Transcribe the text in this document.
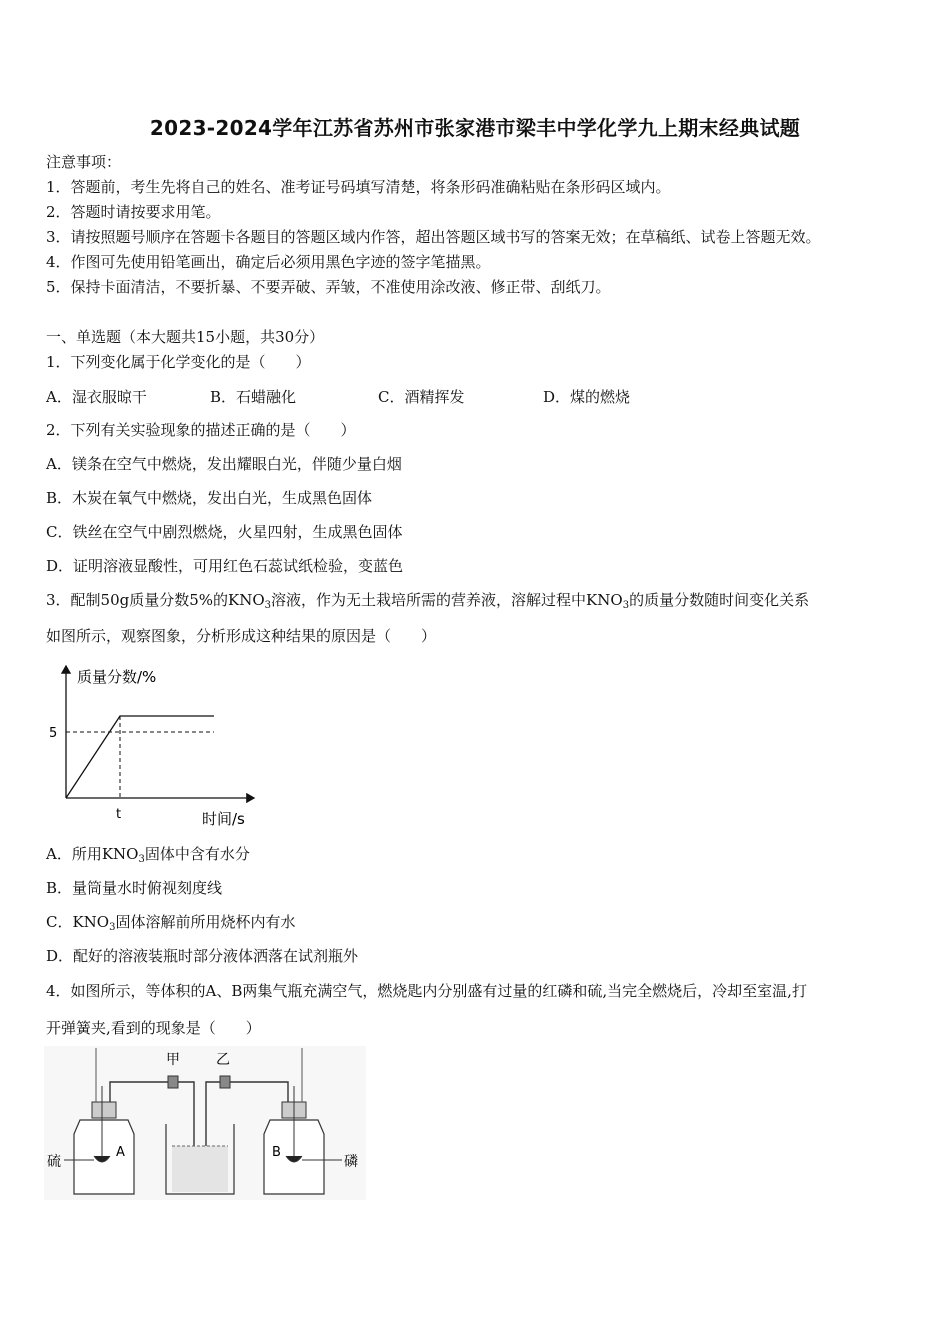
2023-2024学年江苏省苏州市张家港市梁丰中学化学九上期末经典试题
注意事项：
1．答题前，考生先将自己的姓名、准考证号码填写清楚，将条形码准确粘贴在条形码区域内。
2．答题时请按要求用笔。
3．请按照题号顺序在答题卡各题目的答题区域内作答，超出答题区域书写的答案无效；在草稿纸、试卷上答题无效。
4．作图可先使用铅笔画出，确定后必须用黑色字迹的签字笔描黑。
5．保持卡面清洁，不要折暴、不要弄破、弄皱，不准使用涂改液、修正带、刮纸刀。
一、单选题（本大题共15小题，共30分）
1．下列变化属于化学变化的是（　　）
A．湿衣服晾干	B．石蜡融化	C．酒精挥发	D．煤的燃烧
2．下列有关实验现象的描述正确的是（　　）
A．镁条在空气中燃烧，发出耀眼白光，伴随少量白烟
B．木炭在氧气中燃烧，发出白光，生成黑色固体
C．铁丝在空气中剧烈燃烧，火星四射，生成黑色固体
D．证明溶液显酸性，可用红色石蕊试纸检验，变蓝色
3．配制50g质量分数5%的$KNO_3$溶液，作为无土栽培所需的营养液，溶解过程中$KNO_3$的质量分数随时间变化关系
如图所示，观察图象，分析形成这种结果的原因是（　　）
质量分数/%
5
t	时间/s
A．所用$KNO_3$固体中含有水分
B．量筒量水时俯视刻度线
C．$KNO_3$固体溶解前所用烧杯内有水
D．配好的溶液装瓶时部分液体洒落在试剂瓶外
4．如图所示，等体积的A、B两集气瓶充满空气，燃烧匙内分别盛有过量的红磷和硫,当完全燃烧后，冷却至室温,打
开弹簧夹,看到的现象是（　　）
甲	乙
A	B
硫	磷
